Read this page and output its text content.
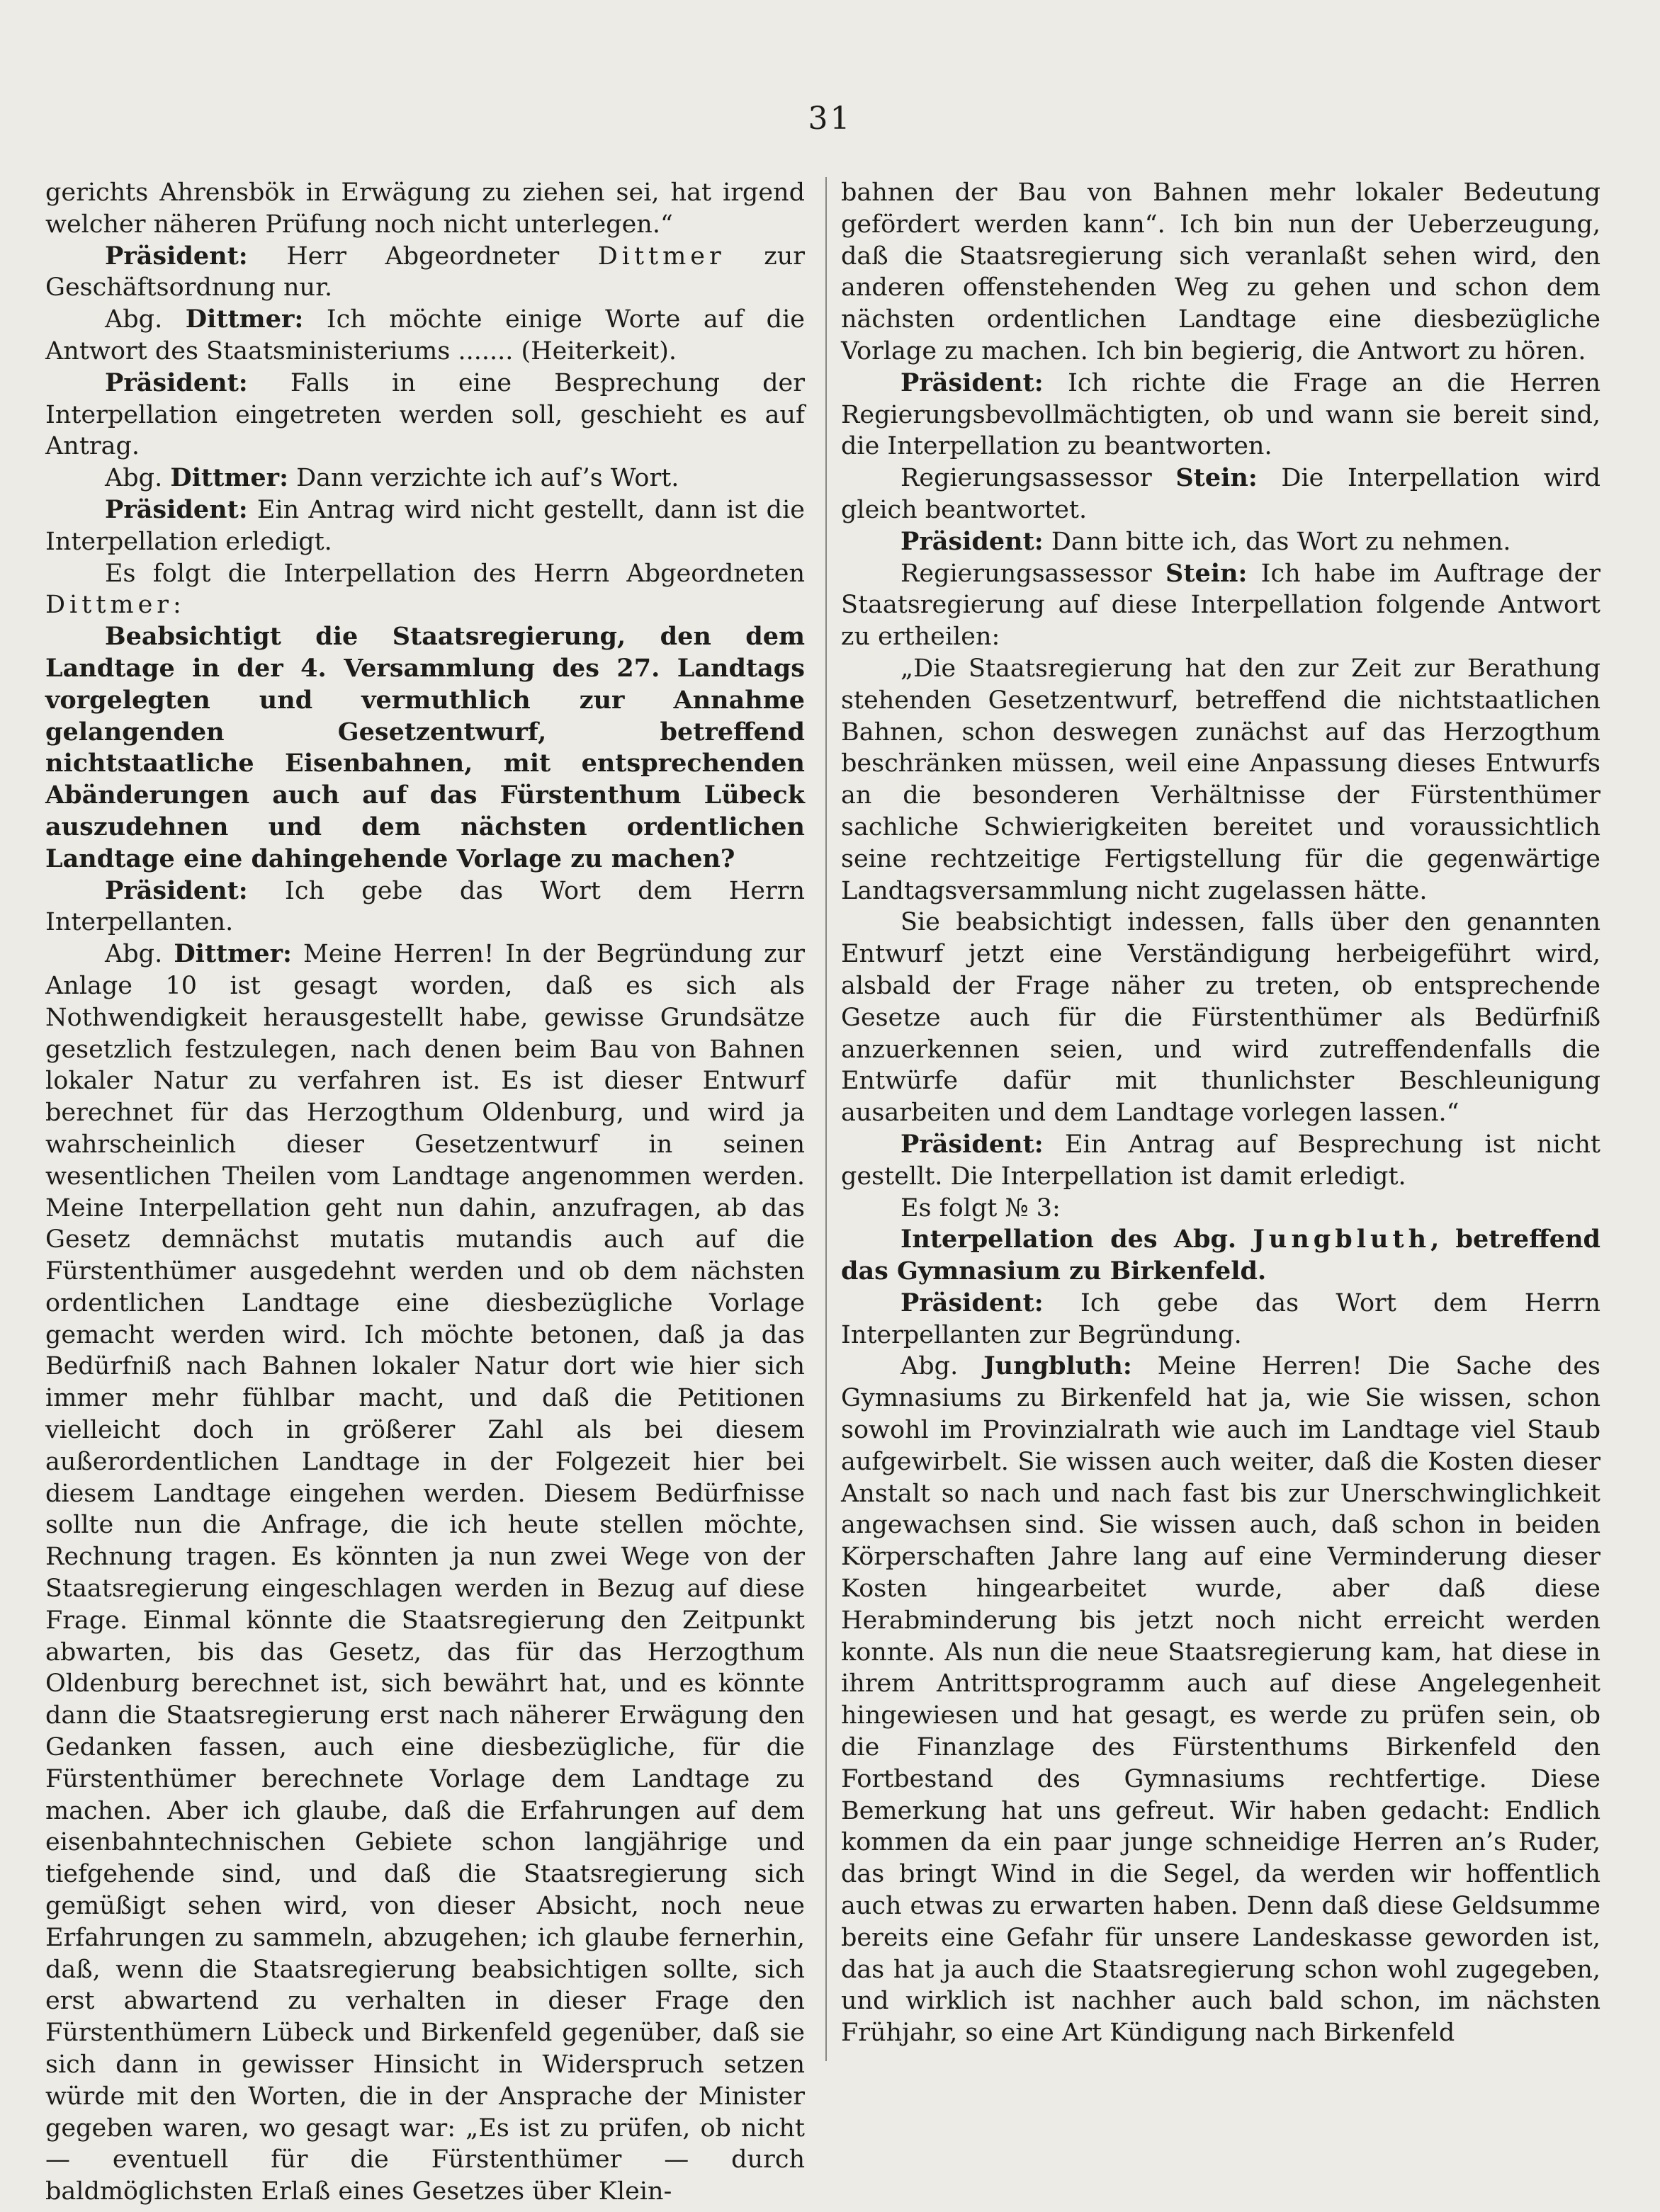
31

gerichts Ahrensbök in Erwägung zu ziehen sei, hat irgend welcher näheren Prüfung noch nicht unterlegen.“

Präsident: Herr Abgeordneter Dittmer zur Geschäftsordnung nur.

Abg. Dittmer: Ich möchte einige Worte auf die Antwort des Staatsministeriums ....... (Heiterkeit).

Präsident: Falls in eine Besprechung der Interpellation eingetreten werden soll, geschieht es auf Antrag.

Abg. Dittmer: Dann verzichte ich auf’s Wort.

Präsident: Ein Antrag wird nicht gestellt, dann ist die Interpellation erledigt.

Es folgt die Interpellation des Herrn Abgeordneten Dittmer:

Beabsichtigt die Staatsregierung, den dem Landtage in der 4. Versammlung des 27. Landtags vorgelegten und vermuthlich zur Annahme gelangenden Gesetzentwurf, betreffend nichtstaatliche Eisenbahnen, mit entsprechenden Abänderungen auch auf das Fürstenthum Lübeck auszudehnen und dem nächsten ordentlichen Landtage eine dahingehende Vorlage zu machen?

Präsident: Ich gebe das Wort dem Herrn Interpellanten.

Abg. Dittmer: Meine Herren! In der Begründung zur Anlage 10 ist gesagt worden, daß es sich als Nothwendigkeit herausgestellt habe, gewisse Grundsätze gesetzlich festzulegen, nach denen beim Bau von Bahnen lokaler Natur zu verfahren ist. Es ist dieser Entwurf berechnet für das Herzogthum Oldenburg, und wird ja wahrscheinlich dieser Gesetzentwurf in seinen wesentlichen Theilen vom Landtage angenommen werden. Meine Interpellation geht nun dahin, anzufragen, ab das Gesetz demnächst mutatis mutandis auch auf die Fürstenthümer ausgedehnt werden und ob dem nächsten ordentlichen Landtage eine diesbezügliche Vorlage gemacht werden wird. Ich möchte betonen, daß ja das Bedürfniß nach Bahnen lokaler Natur dort wie hier sich immer mehr fühlbar macht, und daß die Petitionen vielleicht doch in größerer Zahl als bei diesem außerordentlichen Landtage in der Folgezeit hier bei diesem Landtage eingehen werden. Diesem Bedürfnisse sollte nun die Anfrage, die ich heute stellen möchte, Rechnung tragen. Es könnten ja nun zwei Wege von der Staatsregierung eingeschlagen werden in Bezug auf diese Frage. Einmal könnte die Staatsregierung den Zeitpunkt abwarten, bis das Gesetz, das für das Herzogthum Oldenburg berechnet ist, sich bewährt hat, und es könnte dann die Staatsregierung erst nach näherer Erwägung den Gedanken fassen, auch eine diesbezügliche, für die Fürstenthümer berechnete Vorlage dem Landtage zu machen. Aber ich glaube, daß die Erfahrungen auf dem eisenbahntechnischen Gebiete schon langjährige und tiefgehende sind, und daß die Staatsregierung sich gemüßigt sehen wird, von dieser Absicht, noch neue Erfahrungen zu sammeln, abzugehen; ich glaube fernerhin, daß, wenn die Staatsregierung beabsichtigen sollte, sich erst abwartend zu verhalten in dieser Frage den Fürstenthümern Lübeck und Birkenfeld gegenüber, daß sie sich dann in gewisser Hinsicht in Widerspruch setzen würde mit den Worten, die in der Ansprache der Minister gegeben waren, wo gesagt war: „Es ist zu prüfen, ob nicht — eventuell für die Fürstenthümer — durch baldmöglichsten Erlaß eines Gesetzes über Klein-

bahnen der Bau von Bahnen mehr lokaler Bedeutung gefördert werden kann“. Ich bin nun der Ueberzeugung, daß die Staatsregierung sich veranlaßt sehen wird, den anderen offenstehenden Weg zu gehen und schon dem nächsten ordentlichen Landtage eine diesbezügliche Vorlage zu machen. Ich bin begierig, die Antwort zu hören.

Präsident: Ich richte die Frage an die Herren Regierungsbevollmächtigten, ob und wann sie bereit sind, die Interpellation zu beantworten.

Regierungsassessor Stein: Die Interpellation wird gleich beantwortet.

Präsident: Dann bitte ich, das Wort zu nehmen.

Regierungsassessor Stein: Ich habe im Auftrage der Staatsregierung auf diese Interpellation folgende Antwort zu ertheilen:

„Die Staatsregierung hat den zur Zeit zur Berathung stehenden Gesetzentwurf, betreffend die nichtstaatlichen Bahnen, schon deswegen zunächst auf das Herzogthum beschränken müssen, weil eine Anpassung dieses Entwurfs an die besonderen Verhältnisse der Fürstenthümer sachliche Schwierigkeiten bereitet und voraussichtlich seine rechtzeitige Fertigstellung für die gegenwärtige Landtagsversammlung nicht zugelassen hätte.

Sie beabsichtigt indessen, falls über den genannten Entwurf jetzt eine Verständigung herbeigeführt wird, alsbald der Frage näher zu treten, ob entsprechende Gesetze auch für die Fürstenthümer als Bedürfniß anzuerkennen seien, und wird zutreffendenfalls die Entwürfe dafür mit thunlichster Beschleunigung ausarbeiten und dem Landtage vorlegen lassen.“

Präsident: Ein Antrag auf Besprechung ist nicht gestellt. Die Interpellation ist damit erledigt.

Es folgt № 3:

Interpellation des Abg. Jungbluth, betreffend das Gymnasium zu Birkenfeld.

Präsident: Ich gebe das Wort dem Herrn Interpellanten zur Begründung.

Abg. Jungbluth: Meine Herren! Die Sache des Gymnasiums zu Birkenfeld hat ja, wie Sie wissen, schon sowohl im Provinzialrath wie auch im Landtage viel Staub aufgewirbelt. Sie wissen auch weiter, daß die Kosten dieser Anstalt so nach und nach fast bis zur Unerschwinglichkeit angewachsen sind. Sie wissen auch, daß schon in beiden Körperschaften Jahre lang auf eine Verminderung dieser Kosten hingearbeitet wurde, aber daß diese Herabminderung bis jetzt noch nicht erreicht werden konnte. Als nun die neue Staatsregierung kam, hat diese in ihrem Antrittsprogramm auch auf diese Angelegenheit hingewiesen und hat gesagt, es werde zu prüfen sein, ob die Finanzlage des Fürstenthums Birkenfeld den Fortbestand des Gymnasiums rechtfertige. Diese Bemerkung hat uns gefreut. Wir haben gedacht: Endlich kommen da ein paar junge schneidige Herren an’s Ruder, das bringt Wind in die Segel, da werden wir hoffentlich auch etwas zu erwarten haben. Denn daß diese Geldsumme bereits eine Gefahr für unsere Landeskasse geworden ist, das hat ja auch die Staatsregierung schon wohl zugegeben, und wirklich ist nachher auch bald schon, im nächsten Frühjahr, so eine Art Kündigung nach Birkenfeld
